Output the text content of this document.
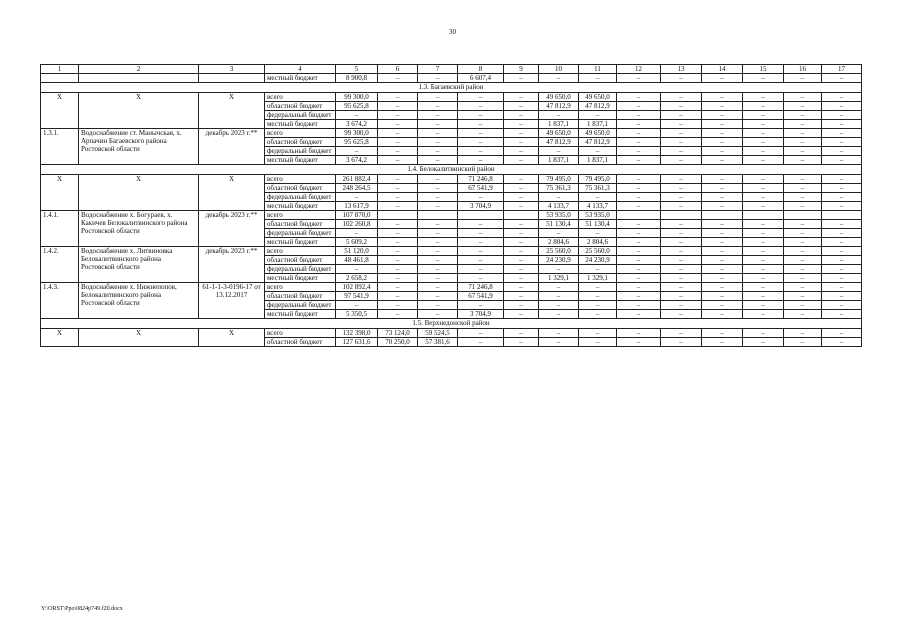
30
1	2	3	4	5	6	7	8	9	10	11	12	13	14	15	16	17
			местный бюджет	8 900,8	–	–	6 607,4	–	–	–	–	–	–	–	–	–
1.3. Багаевский район																
Х	Х	Х	всего	99 300,0	–	–	–	–	49 650,0	49 650,0	–	–	–	–	–	–
			областной бюджет	95 625,8	–	–	–	–	47 812,9	47 812,9	–	–	–	–	–	–
			федеральный бюджет	–	–	–	–	–	–	–	–	–	–	–	–	–
			местный бюджет	3 674,2	–	–	–	–	1 837,1	1 837,1	–	–	–	–	–	–
1.3.1.	Водоснабжение ст. Манычская, х. Арпачин Багаевского района Ростовской области	декабрь 2023 г.**	всего	99 300,0	–	–	–	–	49 650,0	49 650,0	–	–	–	–	–	–
			областной бюджет	95 625,8	–	–	–	–	47 812,9	47 812,9	–	–	–	–	–	–
			федеральный бюджет	–	–	–	–	–	–	–	–	–	–	–	–	–
			местный бюджет	3 674,2	–	–	–	–	1 837,1	1 837,1	–	–	–	–	–	–
1.4. Белокалитвинский район																
Х	Х	Х	всего	261 882,4	–	–	71 246,8	–	79 495,0	79 495,0	–	–	–	–	–	–
			областной бюджет	248 264,5	–	–	67 541,9	–	75 361,3	75 361,3	–	–	–	–	–	–
			федеральный бюджет	–	–	–	–	–	–	–	–	–	–	–	–	–
			местный бюджет	13 617,9	–	–	3 704,9	–	4 133,7	4 133,7	–	–	–	–	–	–
1.4.1.	Водоснабжение х. Богураев, х. Какичев Белокалитвинского района Ростовской области	декабрь 2023 г.**	всего	107 870,0					53 935,0	53 935,0						
			областной бюджет	102 260,8	–	–	–	–	51 130,4	51 130,4	–	–	–	–	–	–
			федеральный бюджет	–	–	–	–	–	–	–	–	–	–	–	–	–
			местный бюджет	5 609,2	–	–	–	–	2 804,6	2 804,6	–	–	–	–	–	–
1.4.2.	Водоснабжение х. Литвиновка Белокалитвинского района Ростовской области	декабрь 2023 г.**	всего	51 120,0	–	–	–	–	25 560,0	25 560,0	–	–	–	–	–	–
			областной бюджет	48 461,8	–	–	–	–	24 230,9	24 230,9	–	–	–	–	–	–
			федеральный бюджет	–	–	–	–	–	–	–	–	–	–	–	–	–
			местный бюджет	2 658,2	–	–	–	–	1 329,1	1 329,1	–	–	–	–	–	–
1.4.3.	Водоснабжение х. Нижнепопов, Белокалитвинского района Ростовской области	61-1-1-3-0196-17 от 13.12.2017	всего	102 892,4	–	–	71 246,8	–	–	–	–	–	–	–	–	–
			областной бюджет	97 541,9	–	–	67 541,9	–	–	–	–	–	–	–	–	–
			федеральный бюджет	–	–	–	–	–	–	–	–	–	–	–	–	–
			местный бюджет	5 350,5	–	–	3 704,9	–	–	–	–	–	–	–	–	–
1.5. Верхнедонской район																
Х	Х	Х	всего	132 398,0	73 124,0	59 524,5	–	–	–	–	–	–	–	–	–	–
			областной бюджет	127 631,6	70 250,0	57 381,6	–	–	–	–	–	–	–	–	–	–
Y:\ORST\Ppo\0824p749.f20.docx
